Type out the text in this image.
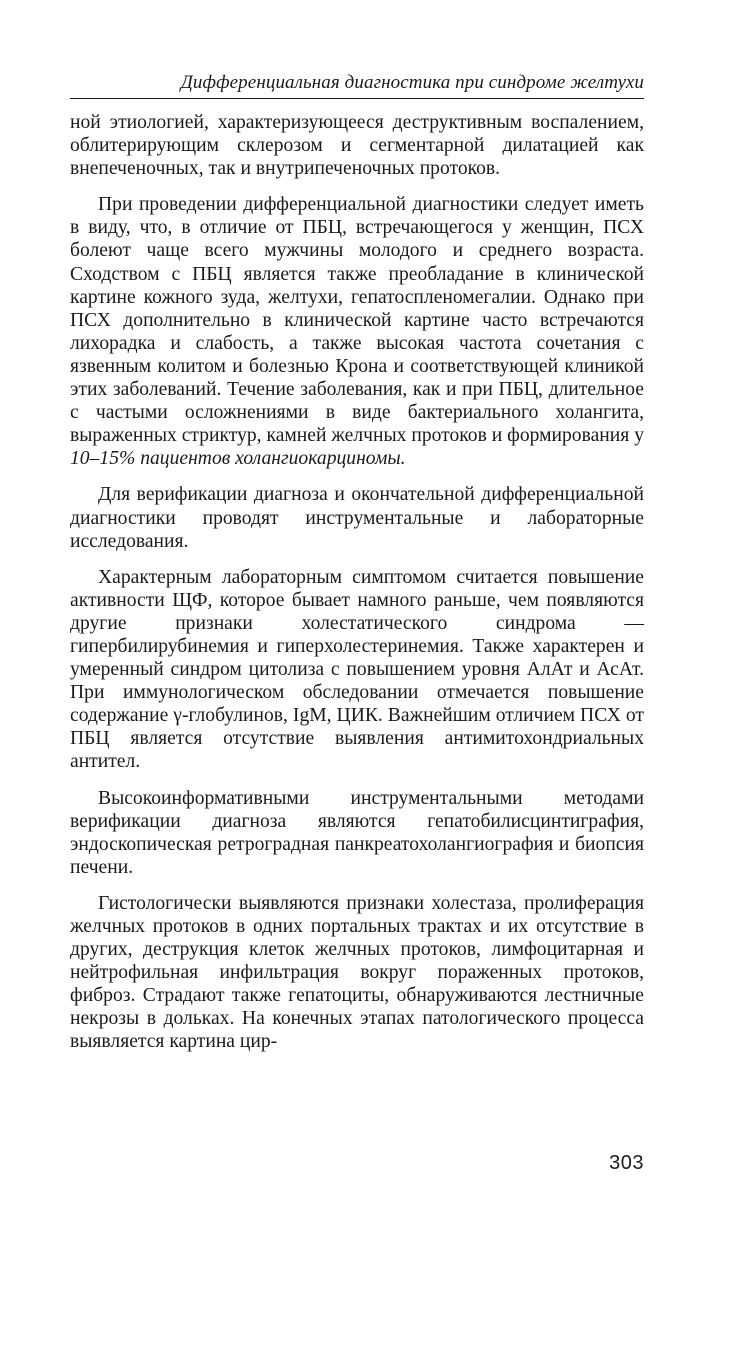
Дифференциальная диагностика при синдроме желтухи

ной этиологией, характеризующееся деструктивным воспалением, облитерирующим склерозом и сегментарной дилатацией как внепеченочных, так и внутрипеченочных протоков.

При проведении дифференциальной диагностики следует иметь в виду, что, в отличие от ПБЦ, встречающегося у женщин, ПСХ болеют чаще всего мужчины молодого и среднего возраста. Сходством с ПБЦ является также преобладание в клинической картине кожного зуда, желтухи, гепатоспленомегалии. Однако при ПСХ дополнительно в клинической картине часто встречаются лихорадка и слабость, а также высокая частота сочетания с язвенным колитом и болезнью Крона и соответствующей клиникой этих заболеваний. Течение заболевания, как и при ПБЦ, длительное с частыми осложнениями в виде бактериального холангита, выраженных стриктур, камней желчных протоков и формирования у 10–15% пациентов холангиокарциномы.

Для верификации диагноза и окончательной дифференциальной диагностики проводят инструментальные и лабораторные исследования.

Характерным лабораторным симптомом считается повышение активности ЩФ, которое бывает намного раньше, чем появляются другие признаки холестатического синдрома — гипербилирубинемия и гиперхолестеринемия. Также характерен и умеренный синдром цитолиза с повышением уровня АлАт и АсАт. При иммунологическом обследовании отмечается повышение содержание γ-глобулинов, IgM, ЦИК. Важнейшим отличием ПСХ от ПБЦ является отсутствие выявления антимитохондриальных антител.

Высокоинформативными инструментальными методами верификации диагноза являются гепатобилисцинтиграфия, эндоскопическая ретроградная панкреатохолангиография и биопсия печени.

Гистологически выявляются признаки холестаза, пролиферация желчных протоков в одних портальных трактах и их отсутствие в других, деструкция клеток желчных протоков, лимфоцитарная и нейтрофильная инфильтрация вокруг пораженных протоков, фиброз. Страдают также гепатоциты, обнаруживаются лестничные некрозы в дольках. На конечных этапах патологического процесса выявляется картина цир-

303
